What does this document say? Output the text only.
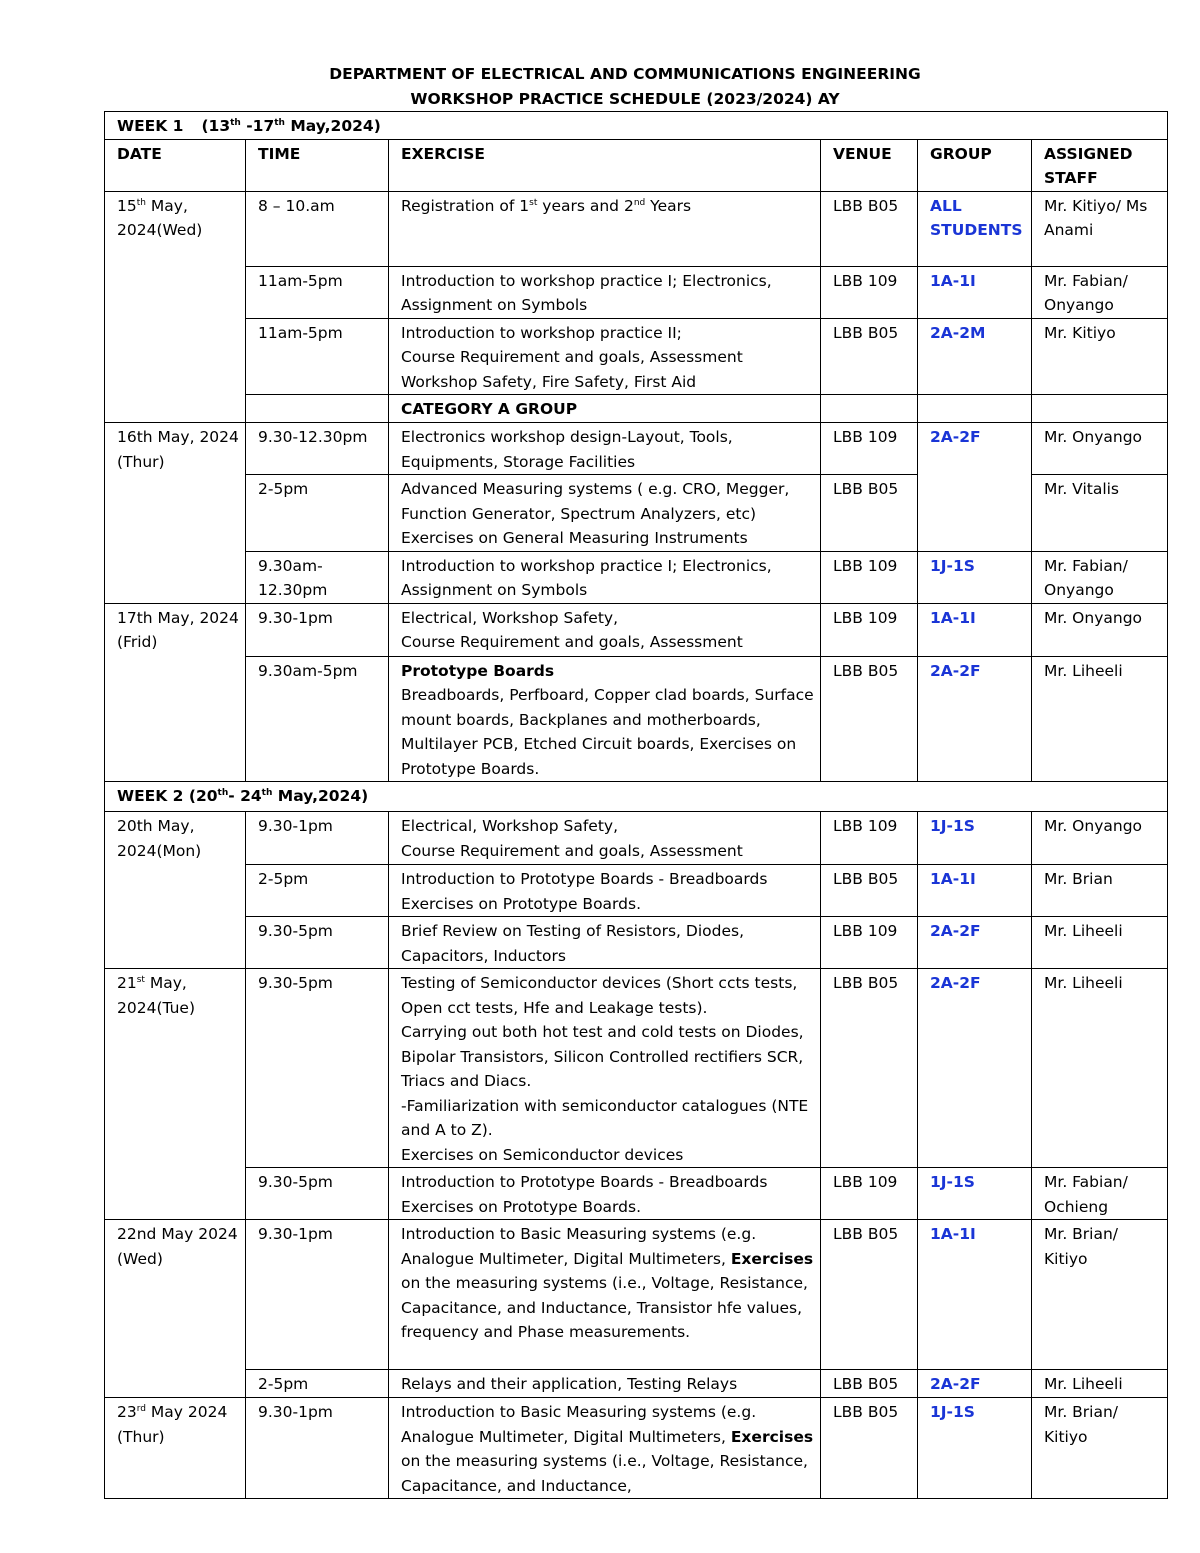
DEPARTMENT OF ELECTRICAL AND COMMUNICATIONS ENGINEERING
WORKSHOP PRACTICE SCHEDULE (2023/2024) AY
WEEK 1 (13th -17th May,2024)					
DATE	TIME	EXERCISE	VENUE	GROUP	ASSIGNED STAFF
15th May, 2024(Wed)	8 – 10.am	Registration of 1st years and 2nd Years	LBB B05	ALL STUDENTS	Mr. Kitiyo/ Ms Anami
	11am-5pm	Introduction to workshop practice I; Electronics, Assignment on Symbols	LBB 109	1A-1I	Mr. Fabian/ Onyango
	11am-5pm	Introduction to workshop practice II;
Course Requirement and goals, Assessment
Workshop Safety, Fire Safety, First Aid	LBB B05	2A-2M	Mr. Kitiyo
		CATEGORY A GROUP			
16th May, 2024 (Thur)	9.30-12.30pm	Electronics workshop design-Layout, Tools, Equipments, Storage Facilities	LBB 109	2A-2F	Mr. Onyango
	2-5pm	Advanced Measuring systems ( e.g. CRO, Megger, Function Generator, Spectrum Analyzers, etc)
Exercises on General Measuring Instruments	LBB B05		Mr. Vitalis
	9.30am-12.30pm	Introduction to workshop practice I; Electronics, Assignment on Symbols	LBB 109	1J-1S	Mr. Fabian/ Onyango
17th May, 2024 (Frid)	9.30-1pm	Electrical, Workshop Safety,
Course Requirement and goals, Assessment	LBB 109	1A-1I	Mr. Onyango
	9.30am-5pm	Prototype Boards
Breadboards, Perfboard, Copper clad boards, Surface mount boards, Backplanes and motherboards, Multilayer PCB, Etched Circuit boards, Exercises on Prototype Boards.	LBB B05	2A-2F	Mr. Liheeli
WEEK 2 (20th- 24th May,2024)					
20th May, 2024(Mon)	9.30-1pm	Electrical, Workshop Safety,
Course Requirement and goals, Assessment	LBB 109	1J-1S	Mr. Onyango
	2-5pm	Introduction to Prototype Boards - Breadboards
Exercises on Prototype Boards.	LBB B05	1A-1I	Mr. Brian
	9.30-5pm	Brief Review on Testing of Resistors, Diodes, Capacitors, Inductors	LBB 109	2A-2F	Mr. Liheeli
21st May, 2024(Tue)	9.30-5pm	Testing of Semiconductor devices (Short ccts tests, Open cct tests, Hfe and Leakage tests).
Carrying out both hot test and cold tests on Diodes, Bipolar Transistors, Silicon Controlled rectifiers SCR, Triacs and Diacs.
-Familiarization with semiconductor catalogues (NTE and A to Z).
Exercises on Semiconductor devices	LBB B05	2A-2F	Mr. Liheeli
	9.30-5pm	Introduction to Prototype Boards - Breadboards
Exercises on Prototype Boards.	LBB 109	1J-1S	Mr. Fabian/ Ochieng
22nd May 2024 (Wed)	9.30-1pm	Introduction to Basic Measuring systems (e.g. Analogue Multimeter, Digital Multimeters, Exercises on the measuring systems (i.e., Voltage, Resistance, Capacitance, and Inductance, Transistor hfe values, frequency and Phase measurements.	LBB B05	1A-1I	Mr. Brian/ Kitiyo
	2-5pm	Relays and their application, Testing Relays	LBB B05	2A-2F	Mr. Liheeli
23rd May 2024 (Thur)	9.30-1pm	Introduction to Basic Measuring systems (e.g. Analogue Multimeter, Digital Multimeters, Exercises on the measuring systems (i.e., Voltage, Resistance, Capacitance, and Inductance,	LBB B05	1J-1S	Mr. Brian/ Kitiyo
